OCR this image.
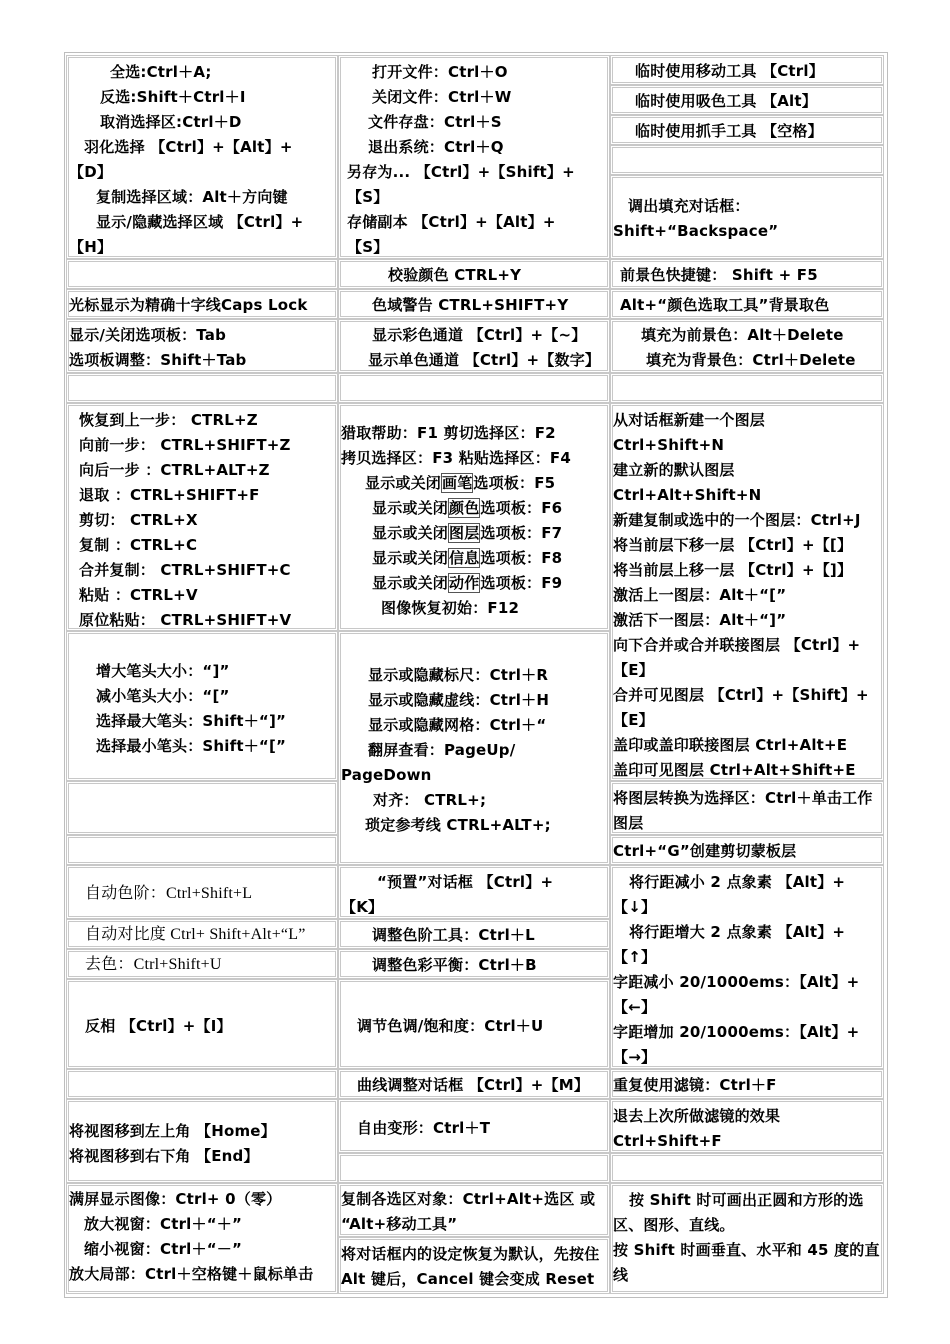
全选:Ctrl＋A;
反选:Shift＋Ctrl＋I
取消选择区:Ctrl＋D
羽化选择 【Ctrl】+【Alt】+
【D】
复制选择区域：Alt＋方向键
显示/隐藏选择区域 【Ctrl】+
【H】
光标显示为精确十字线Caps Lock
显示/关闭选项板：Tab
选项板调整：Shift＋Tab
恢复到上一步： CTRL+Z
向前一步： CTRL+SHIFT+Z
向后一步 ：CTRL+ALT+Z
退取 ：CTRL+SHIFT+F
剪切： CTRL+X
复制 ：CTRL+C
合并复制： CTRL+SHIFT+C
粘贴 ：CTRL+V
原位粘贴： CTRL+SHIFT+V
增大笔头大小：“]”
减小笔头大小：“[”
选择最大笔头：Shift＋“]”
选择最小笔头：Shift＋“[”
自动色阶：Ctrl+Shift+L
自动对比度 Ctrl+ Shift+Alt+“L”
去色：Ctrl+Shift+U
反相 【Ctrl】+【I】
将视图移到左上角 【Home】
将视图移到右下角 【End】
满屏显示图像：Ctrl+ 0（零）
放大视窗：Ctrl＋“＋”
缩小视窗：Ctrl＋“－”
放大局部：Ctrl＋空格键＋鼠标单击
打开文件：Ctrl＋O
关闭文件：Ctrl＋W
文件存盘：Ctrl＋S
退出系统：Ctrl＋Q
另存为... 【Ctrl】+【Shift】+
【S】
存储副本 【Ctrl】+【Alt】+
【S】
校验颜色 CTRL+Y
色域警告 CTRL+SHIFT+Y
显示彩色通道 【Ctrl】+【~】
显示单色通道 【Ctrl】+【数字】
猎取帮助：F1 剪切选择区：F2
拷贝选择区：F3 粘贴选择区：F4
显示或关闭画笔选项板：F5
显示或关闭颜色选项板：F6
显示或关闭图层选项板：F7
显示或关闭信息选项板：F8
显示或关闭动作选项板：F9
图像恢复初始：F12
显示或隐藏标尺：Ctrl＋R
显示或隐藏虚线：Ctrl＋H
显示或隐藏网格：Ctrl＋“
翻屏查看：PageUp/
PageDown
对齐： CTRL+;
琐定参考线 CTRL+ALT+;
“预置”对话框 【Ctrl】+
【K】
调整色阶工具：Ctrl＋L
调整色彩平衡：Ctrl＋B
调节色调/饱和度：Ctrl＋U
曲线调整对话框 【Ctrl】+【M】
自由变形：Ctrl＋T
复制各选区对象：Ctrl+Alt+选区 或
“Alt+移动工具”
将对话框内的设定恢复为默认，先按住
Alt 键后，Cancel 键会变成 Reset
临时使用移动工具 【Ctrl】
临时使用吸色工具 【Alt】
临时使用抓手工具 【空格】
调出填充对话框：
Shift+“Backspace”
前景色快捷键： Shift + F5
Alt+“颜色选取工具”背景取色
填充为前景色：Alt＋Delete
填充为背景色：Ctrl＋Delete
从对话框新建一个图层
Ctrl+Shift+N
建立新的默认图层
Ctrl+Alt+Shift+N
新建复制或选中的一个图层：Ctrl+J
将当前层下移一层 【Ctrl】+【[】
将当前层上移一层 【Ctrl】+【]】
激活上一图层：Alt＋“[”
激活下一图层：Alt＋“]”
向下合并或合并联接图层 【Ctrl】+
【E】
合并可见图层 【Ctrl】+【Shift】+
【E】
盖印或盖印联接图层 Ctrl+Alt+E
盖印可见图层 Ctrl+Alt+Shift+E
将图层转换为选择区：Ctrl＋单击工作
图层
Ctrl+“G”创建剪切蒙板层
将行距减小 2 点象素 【Alt】+
【↓】
将行距增大 2 点象素 【Alt】+
【↑】
字距减小 20/1000ems：【Alt】+
【←】
字距增加 20/1000ems：【Alt】+
【→】
重复使用滤镜：Ctrl＋F
退去上次所做滤镜的效果
Ctrl+Shift+F
按 Shift 时可画出正圆和方形的选
区、图形、直线。
按 Shift 时画垂直、水平和 45 度的直
线
